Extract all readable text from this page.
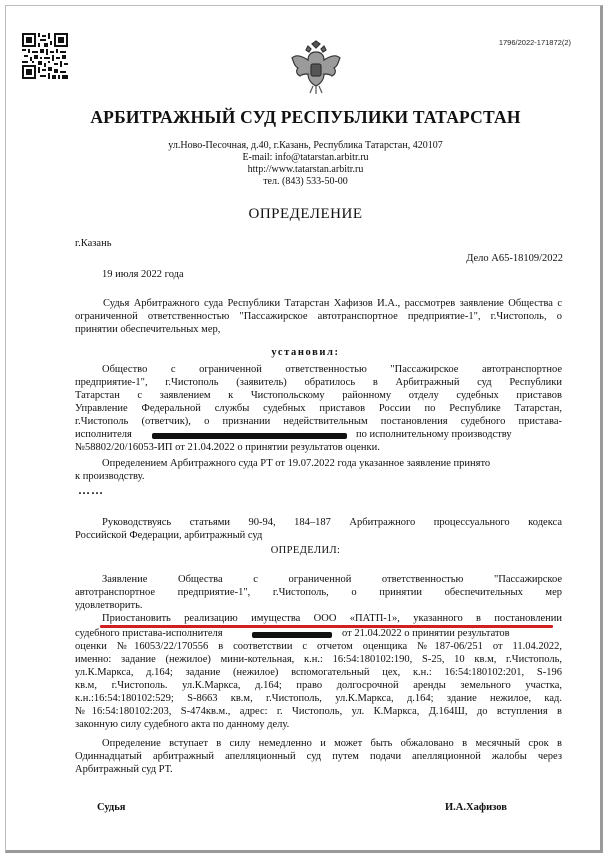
1796/2022-171872(2)
АРБИТРАЖНЫЙ СУД РЕСПУБЛИКИ ТАТАРСТАН
ул.Ново-Песочная, д.40, г.Казань, Республика Татарстан, 420107
E-mail: info@tatarstan.arbitr.ru
http://www.tatarstan.arbitr.ru
тел. (843) 533-50-00
ОПРЕДЕЛЕНИЕ
г.Казань
Дело А65-18109/2022
19 июля 2022 года
Судья Арбитражного суда Республики Татарстан Хафизов И.А., рассмотрев заявление Общества с ограниченной ответственностью "Пассажирское автотранспортное предприятие-1", г.Чистополь, о принятии обеспечительных мер,
установил:
Общество с ограниченной ответственностью "Пассажирское автотранспортное
предприятие-1", г.Чистополь (заявитель) обратилось в Арбитражный суд Республики
Татарстан с заявлением к Чистопольскому районному отделу судебных приставов
Управление Федеральной службы судебных приставов России по Республике Татарстан,
г.Чистополь (ответчик), о признании недействительным постановления судебного пристава-
исполнителя	по исполнительному производству
№58802/20/16053-ИП от 21.04.2022 о принятии результатов оценки.
Определением Арбитражного суда РТ от 19.07.2022 года указанное заявление принято
к производству.
……
Руководствуясь статьями 90-94, 184–187 Арбитражного процессуального кодекса
Российской Федерации, арбитражный суд
ОПРЕДЕЛИЛ:
Заявление Общества с ограниченной ответственностью "Пассажирское
автотранспортное предприятие-1", г.Чистополь, о принятии обеспечительных мер
удовлетворить.
Приостановить реализацию имущества ООО «ПАТП-1», указанного в постановлении
судебного пристава-исполнителя	от 21.04.2022 о принятии результатов
оценки №16053/22/170556 в соответствии с отчетом оценщика №187-06/251 от 11.04.2022,
именно: задание (нежилое) мини-котельная, к.н.: 16:54:180102:190, S-25, 10 кв.м, г.Чистополь,
ул.К.Маркса, д.164; задание (нежилое) вспомогательный цех, к.н.: 16:54:180102:201, S-196
кв.м, г.Чистополь. ул.К.Маркса, д.164; право долгосрочной аренды земельного участка,
к.н.:16:54:180102:529; S-8663 кв.м, г.Чистополь, ул.К.Маркса, д.164; здание нежилое, кад.
№16:54:180102:203, S-474кв.м., адрес: г. Чистополь, ул. К.Маркса, Д.164Ш, до вступления в
законную силу судебного акта по данному делу.
Определение вступает в силу немедленно и может быть обжаловано в месячный срок в
Одиннадцатый арбитражный апелляционный суд путем подачи апелляционной жалобы через
Арбитражный суд РТ.
Судья	И.А.Хафизов
